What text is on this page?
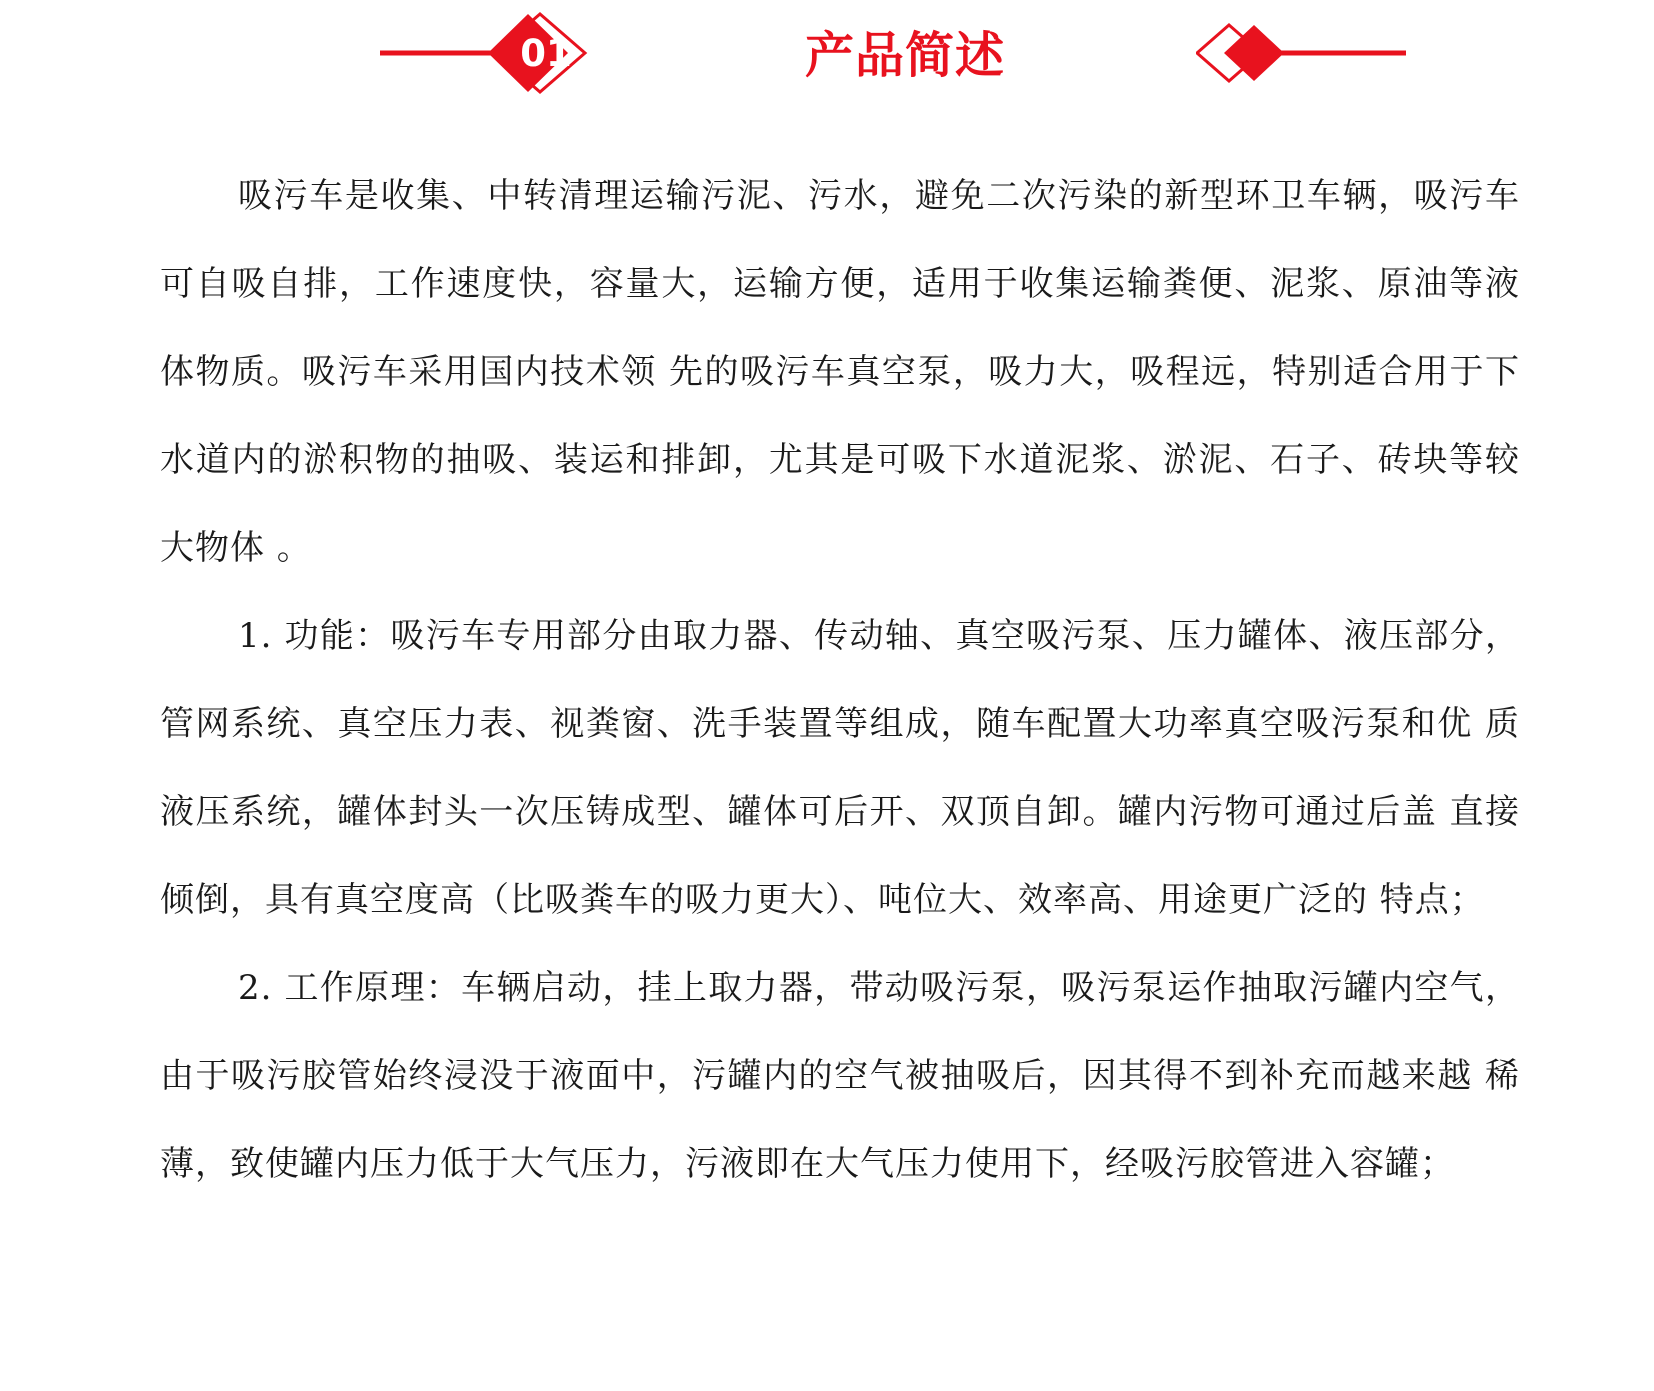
01	产品简述

吸污车是收集、中转清理运输污泥、污水，避免二次污染的新型环卫车辆，吸污车可自吸自排，工作速度快，容量大，运输方便，适用于收集运输粪便、泥浆、原油等液体物质。吸污车采用国内技术领 先的吸污车真空泵，吸力大，吸程远，特别适合用于下水道内的淤积物的抽吸、装运和排卸，尤其是可吸下水道泥浆、淤泥、石子、砖块等较大物体 。

1. 功能：吸污车专用部分由取力器、传动轴、真空吸污泵、压力罐体、液压部分， 管网系统、真空压力表、视粪窗、洗手装置等组成，随车配置大功率真空吸污泵和优 质液压系统，罐体封头一次压铸成型、罐体可后开、双顶自卸。罐内污物可通过后盖 直接倾倒，具有真空度高（比吸粪车的吸力更大）、吨位大、效率高、用途更广泛的 特点；

2. 工作原理：车辆启动，挂上取力器，带动吸污泵，吸污泵运作抽取污罐内空气， 由于吸污胶管始终浸没于液面中，污罐内的空气被抽吸后，因其得不到补充而越来越 稀薄，致使罐内压力低于大气压力，污液即在大气压力使用下，经吸污胶管进入容罐；
